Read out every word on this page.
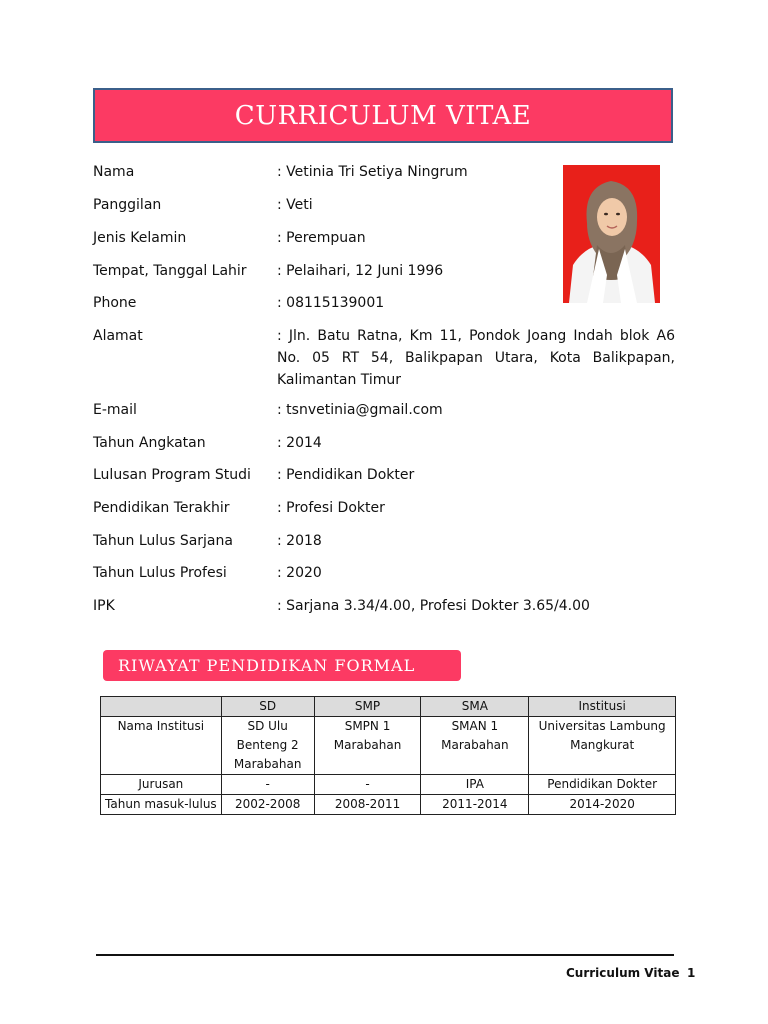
CURRICULUM VITAE
Nama	: Vetinia Tri Setiya Ningrum
Panggilan	: Veti
Jenis Kelamin	: Perempuan
Tempat, Tanggal Lahir : Pelaihari, 12 Juni 1996
Phone	: 08115139001
Alamat	: Jln. Batu Ratna, Km 11, Pondok Joang Indah blok A6 No. 05 RT 54, Balikpapan Utara, Kota Balikpapan, Kalimantan Timur
E-mail	: tsnvetinia@gmail.com
Tahun Angkatan	: 2014
Lulusan Program Studi : Pendidikan Dokter
Pendidikan Terakhir	: Profesi Dokter
Tahun Lulus Sarjana	: 2018
Tahun Lulus Profesi	: 2020
IPK	: Sarjana 3.34/4.00, Profesi Dokter 3.65/4.00
RIWAYAT PENDIDIKAN FORMAL
	SD	SMP	SMA	Institusi
Nama Institusi	SD Ulu Benteng 2 Marabahan	SMPN 1 Marabahan	SMAN 1 Marabahan	Universitas Lambung Mangkurat
Jurusan	-	-	IPA	Pendidikan Dokter
Tahun masuk-lulus	2002-2008	2008-2011	2011-2014	2014-2020
Curriculum Vitae 1
